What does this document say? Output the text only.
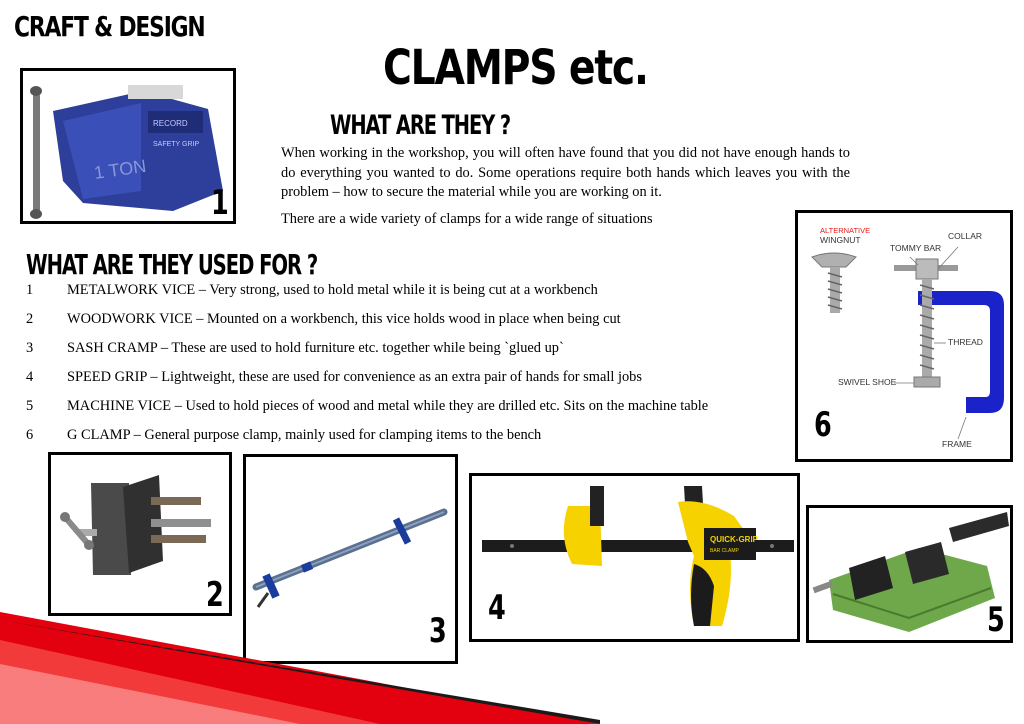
CRAFT & DESIGN
CLAMPS etc.
WHAT ARE THEY ?

When working in the workshop, you will often have found that you did not have enough hands to do everything you wanted to do. Some operations require both hands which leaves you with the problem – how to secure the material while you are working on it.

There are a wide variety of clamps for a wide range of situations

WHAT ARE THEY USED FOR ?
1	METALWORK VICE – Very strong, used to hold metal while it is being cut at a workbench
2	WOODWORK VICE – Mounted on a workbench, this vice holds wood in place when being cut
3	SASH CRAMP – These are used to hold furniture etc. together while being `glued up`
4	SPEED GRIP – Lightweight, these are used for convenience as an extra pair of hands for small jobs
5	MACHINE VICE – Used to hold pieces of wood and metal while they are drilled etc. Sits on the machine table
6	G CLAMP – General purpose clamp, mainly used for clamping items to the bench
RECORD
SAFETY GRIP
1 TON
1
ALTERNATIVE
WINGNUT
TOMMY BAR
COLLAR
THREAD
SWIVEL SHOE
FRAME
6
2
3
QUICK-GRIP
BAR CLAMP
4	5
